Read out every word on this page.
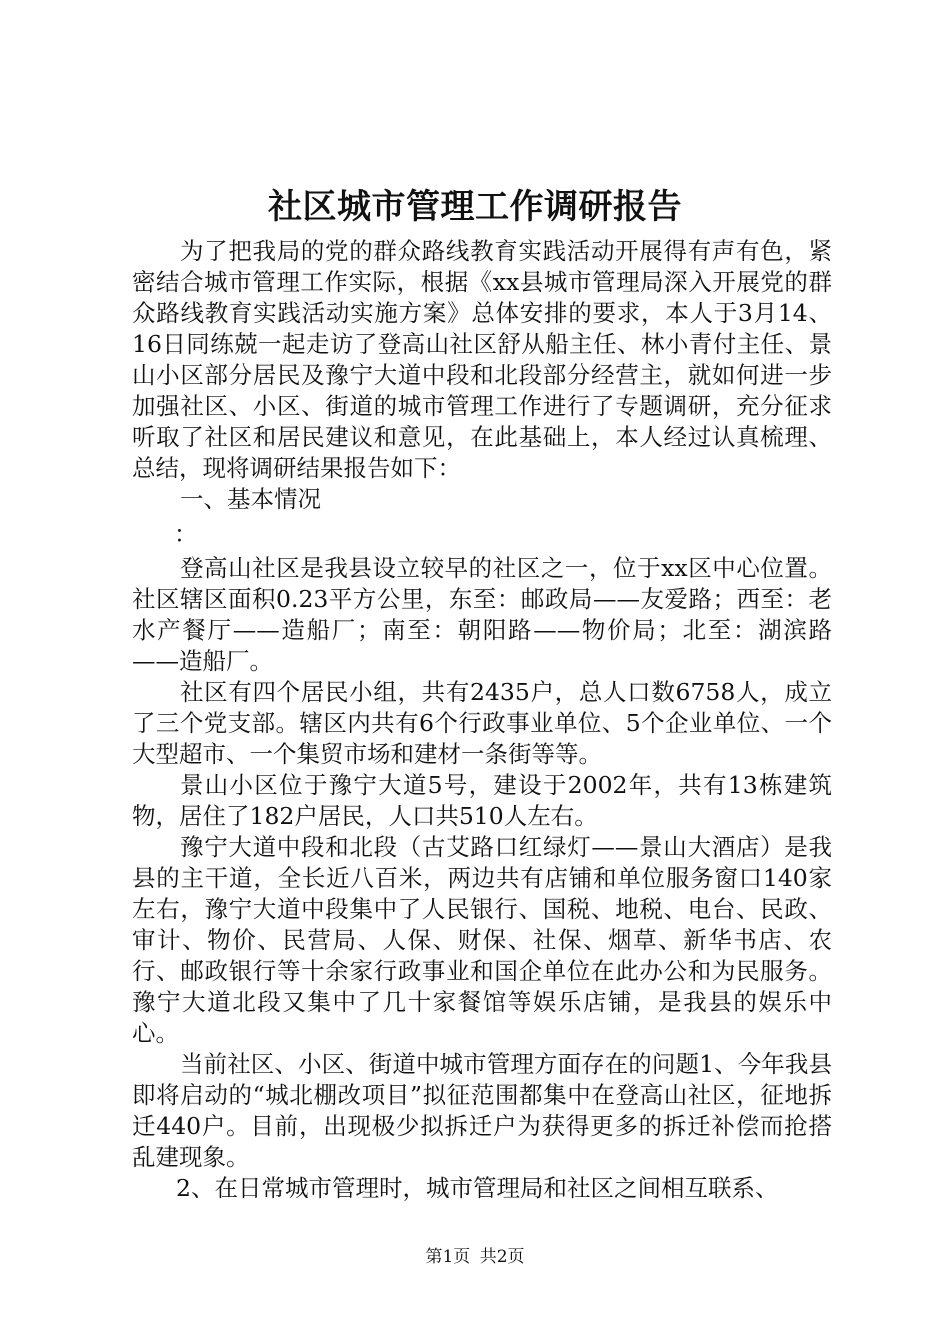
社区城市管理工作调研报告

为了把我局的党的群众路线教育实践活动开展得有声有色，紧密结合城市管理工作实际，根据《xx县城市管理局深入开展党的群众路线教育实践活动实施方案》总体安排的要求，本人于3月14、16日同练兢一起走访了登高山社区舒从船主任、林小青付主任、景山小区部分居民及豫宁大道中段和北段部分经营主，就如何进一步加强社区、小区、街道的城市管理工作进行了专题调研，充分征求听取了社区和居民建议和意见，在此基础上，本人经过认真梳理、总结，现将调研结果报告如下：

一、基本情况

：

登高山社区是我县设立较早的社区之一，位于xx区中心位置。社区辖区面积0.23平方公里，东至：邮政局——友爱路；西至：老水产餐厅——造船厂；南至：朝阳路——物价局；北至：湖滨路——造船厂。

社区有四个居民小组，共有2435户，总人口数6758人，成立了三个党支部。辖区内共有6个行政事业单位、5个企业单位、一个大型超市、一个集贸市场和建材一条街等等。

景山小区位于豫宁大道5号，建设于2002年，共有13栋建筑物，居住了182户居民，人口共510人左右。

豫宁大道中段和北段（古艾路口红绿灯——景山大酒店）是我县的主干道，全长近八百米，两边共有店铺和单位服务窗口140家左右，豫宁大道中段集中了人民银行、国税、地税、电台、民政、审计、物价、民营局、人保、财保、社保、烟草、新华书店、农行、邮政银行等十余家行政事业和国企单位在此办公和为民服务。豫宁大道北段又集中了几十家餐馆等娱乐店铺，是我县的娱乐中心。

当前社区、小区、街道中城市管理方面存在的问题1、今年我县即将启动的“城北棚改项目”拟征范围都集中在登高山社区，征地拆迁440户。目前，出现极少拟拆迁户为获得更多的拆迁补偿而抢搭乱建现象。

2、在日常城市管理时，城市管理局和社区之间相互联系、

第1页 共2页
